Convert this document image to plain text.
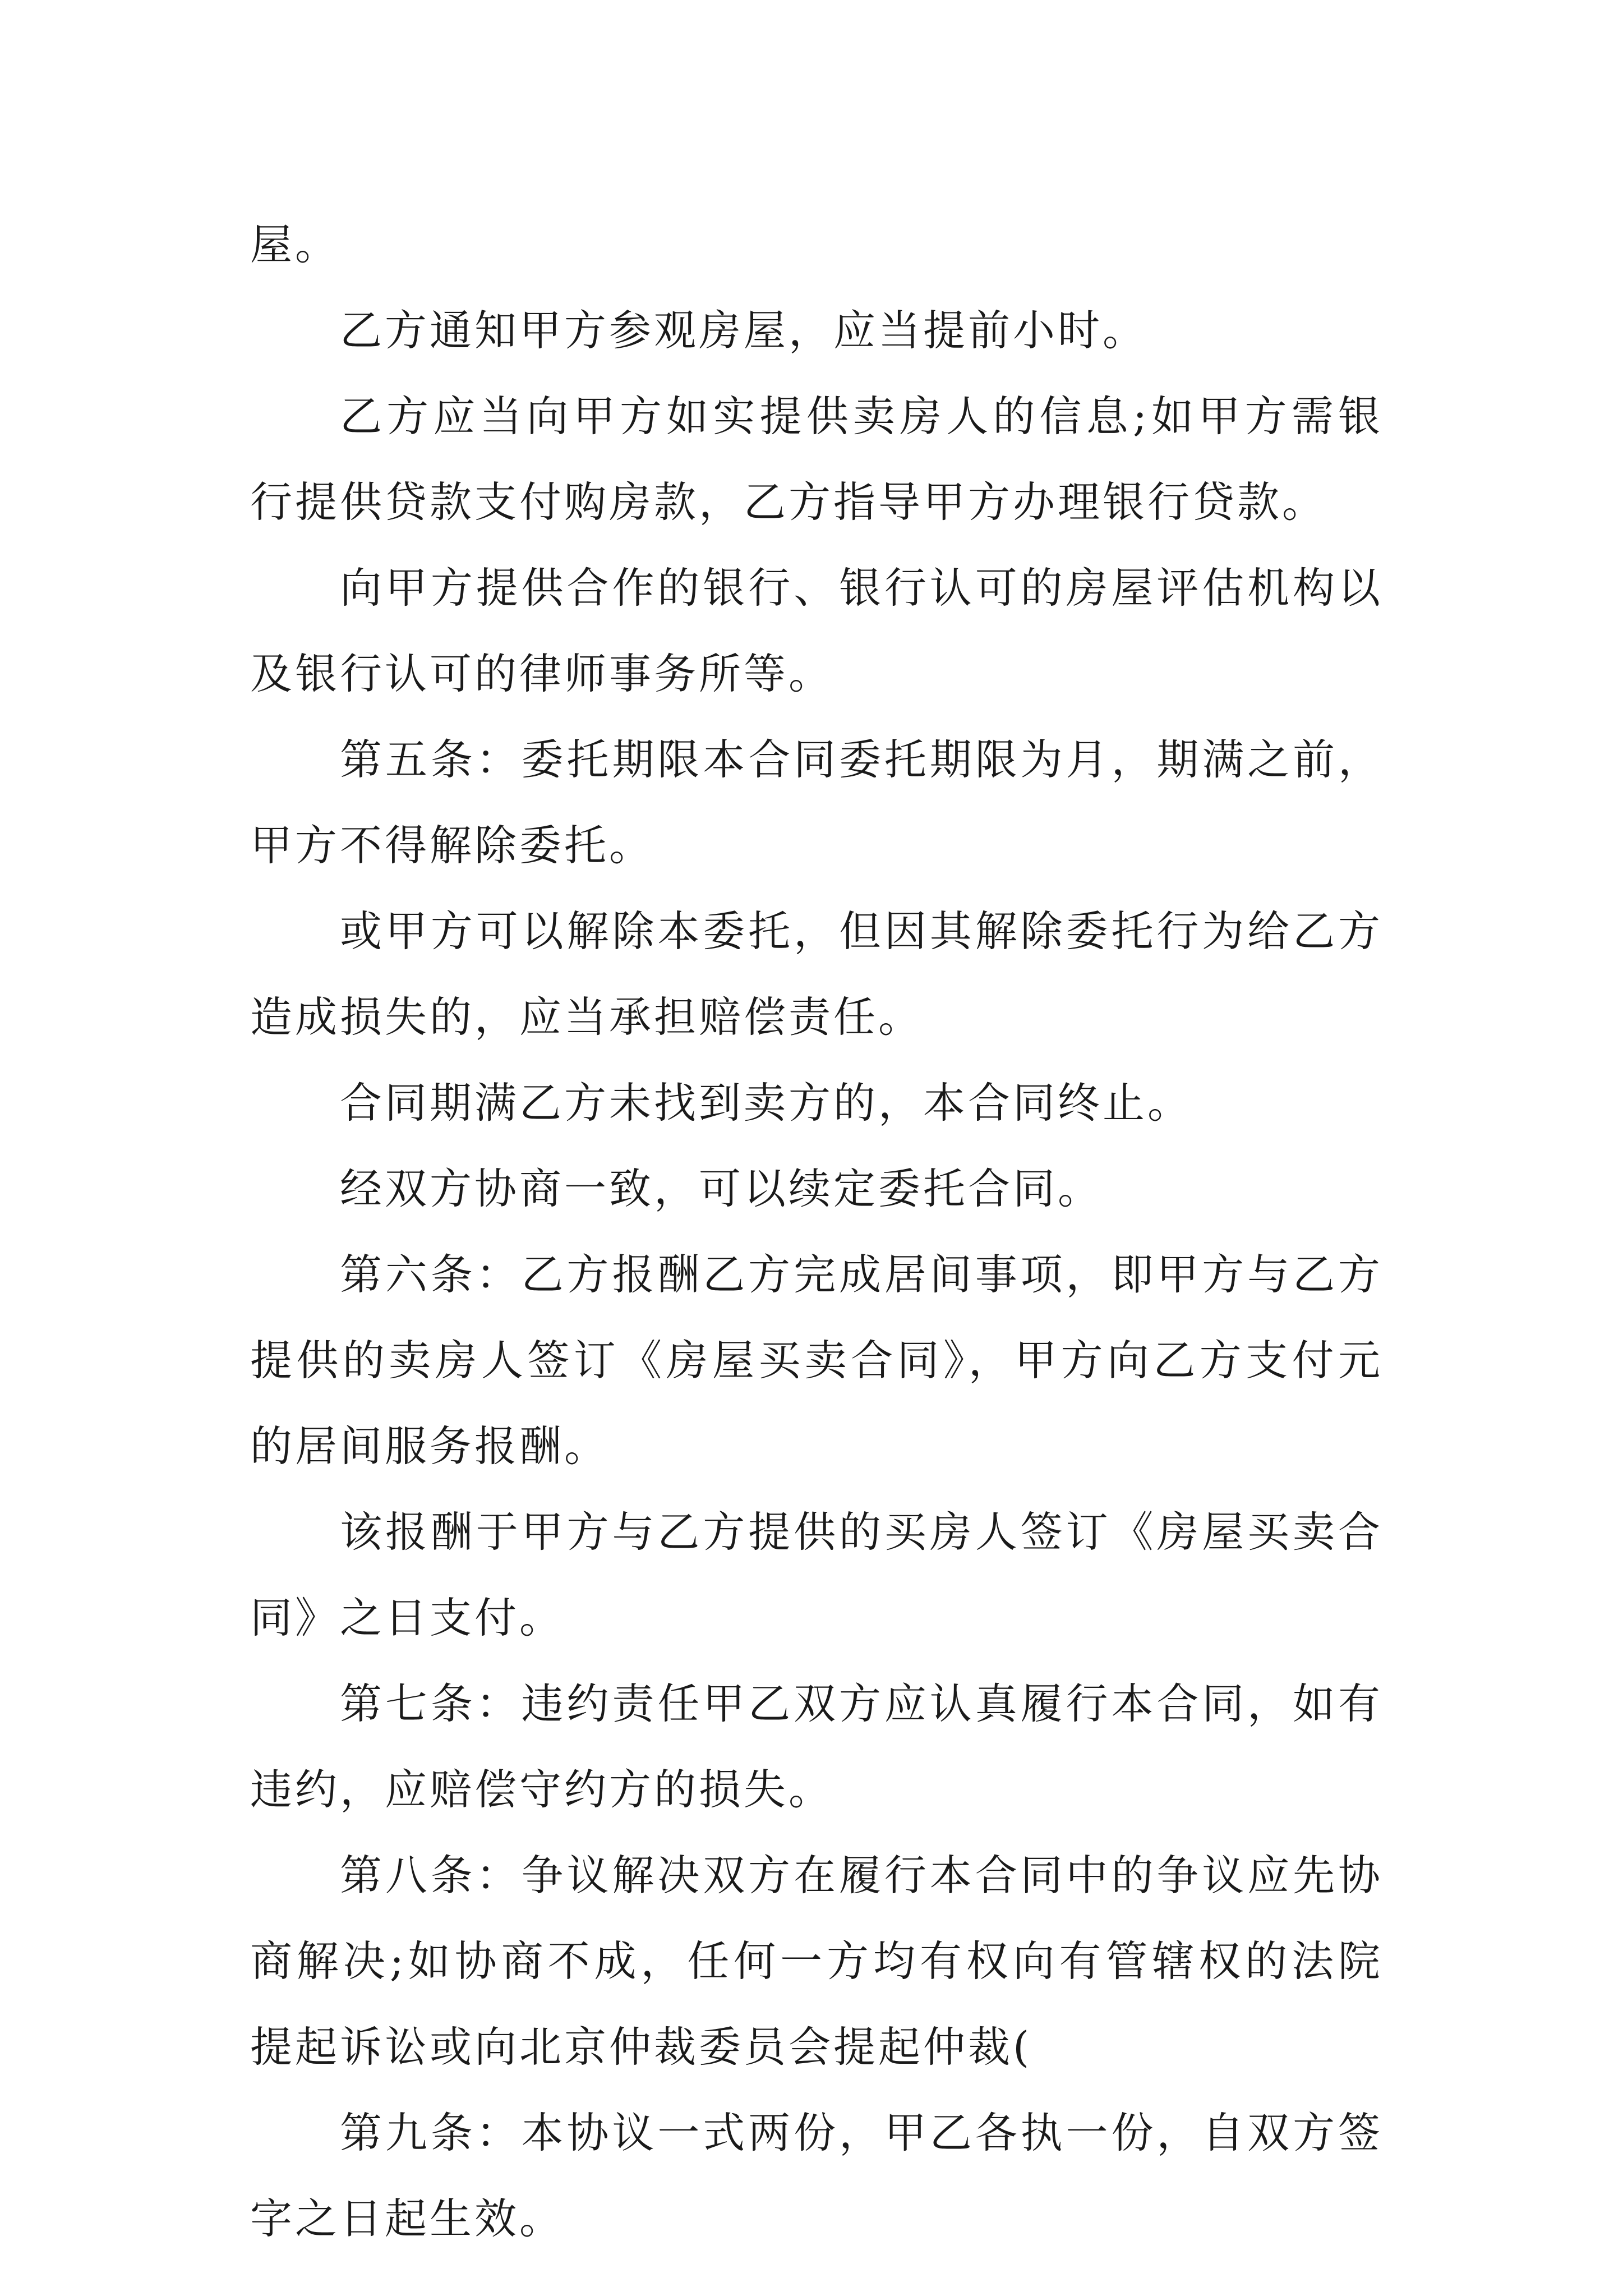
屋。

乙方通知甲方参观房屋，应当提前小时。

乙方应当向甲方如实提供卖房人的信息;如甲方需银行提供贷款支付购房款，乙方指导甲方办理银行贷款。

向甲方提供合作的银行、银行认可的房屋评估机构以及银行认可的律师事务所等。

第五条：委托期限本合同委托期限为月，期满之前，甲方不得解除委托。

或甲方可以解除本委托，但因其解除委托行为给乙方造成损失的，应当承担赔偿责任。

合同期满乙方未找到卖方的，本合同终止。

经双方协商一致，可以续定委托合同。

第六条：乙方报酬乙方完成居间事项，即甲方与乙方提供的卖房人签订《房屋买卖合同》，甲方向乙方支付元的居间服务报酬。

该报酬于甲方与乙方提供的买房人签订《房屋买卖合同》之日支付。

第七条：违约责任甲乙双方应认真履行本合同，如有违约，应赔偿守约方的损失。

第八条：争议解决双方在履行本合同中的争议应先协商解决;如协商不成，任何一方均有权向有管辖权的法院提起诉讼或向北京仲裁委员会提起仲裁(

第九条：本协议一式两份，甲乙各执一份，自双方签字之日起生效。
